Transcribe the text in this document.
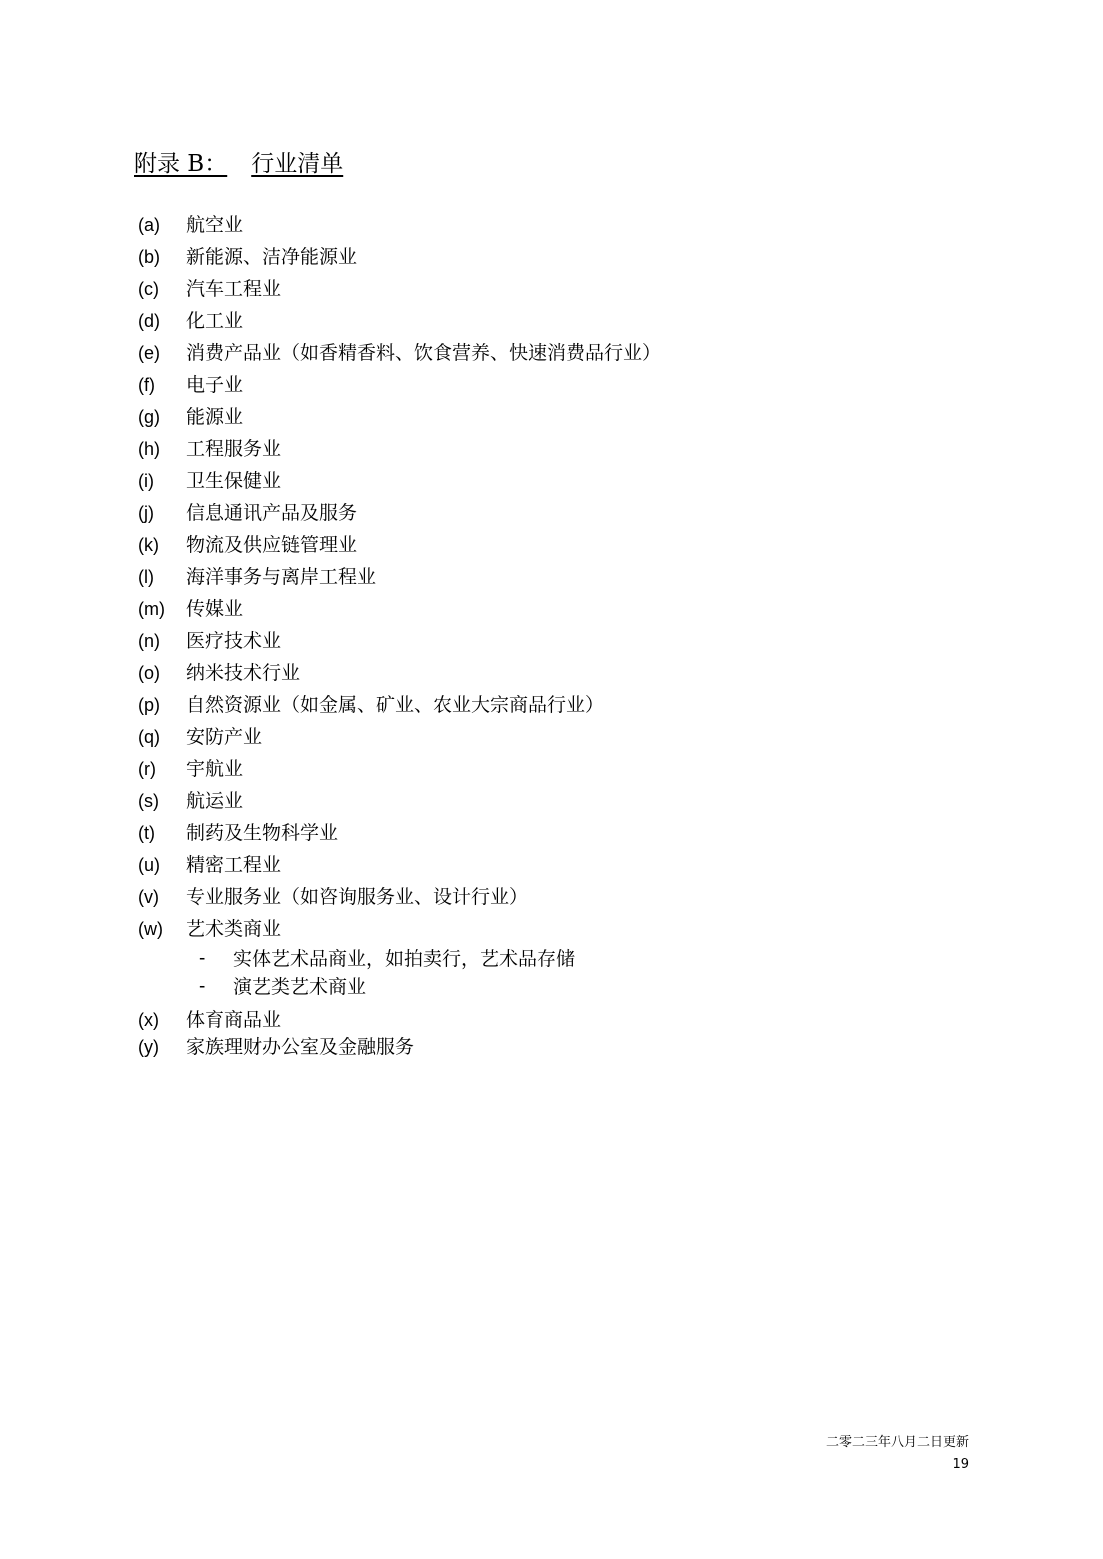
附录 B： 行业清单
(a)	航空业
(b)	新能源、洁净能源业
(c)	汽车工程业
(d)	化工业
(e)	消费产品业（如香精香料、饮食营养、快速消费品行业）
(f)	电子业
(g)	能源业
(h)	工程服务业
(i)	卫生保健业
(j)	信息通讯产品及服务
(k)	物流及供应链管理业
(l)	海洋事务与离岸工程业
(m)	传媒业
(n)	医疗技术业
(o)	纳米技术行业
(p)	自然资源业（如金属、矿业、农业大宗商品行业）
(q)	安防产业
(r)	宇航业
(s)	航运业
(t)	制药及生物科学业
(u)	精密工程业
(v)	专业服务业（如咨询服务业、设计行业）
(w)	艺术类商业
-	实体艺术品商业，如拍卖行，艺术品存储
-	演艺类艺术商业
(x)	体育商品业
(y)	家族理财办公室及金融服务
二零二三年八月二日更新
19
